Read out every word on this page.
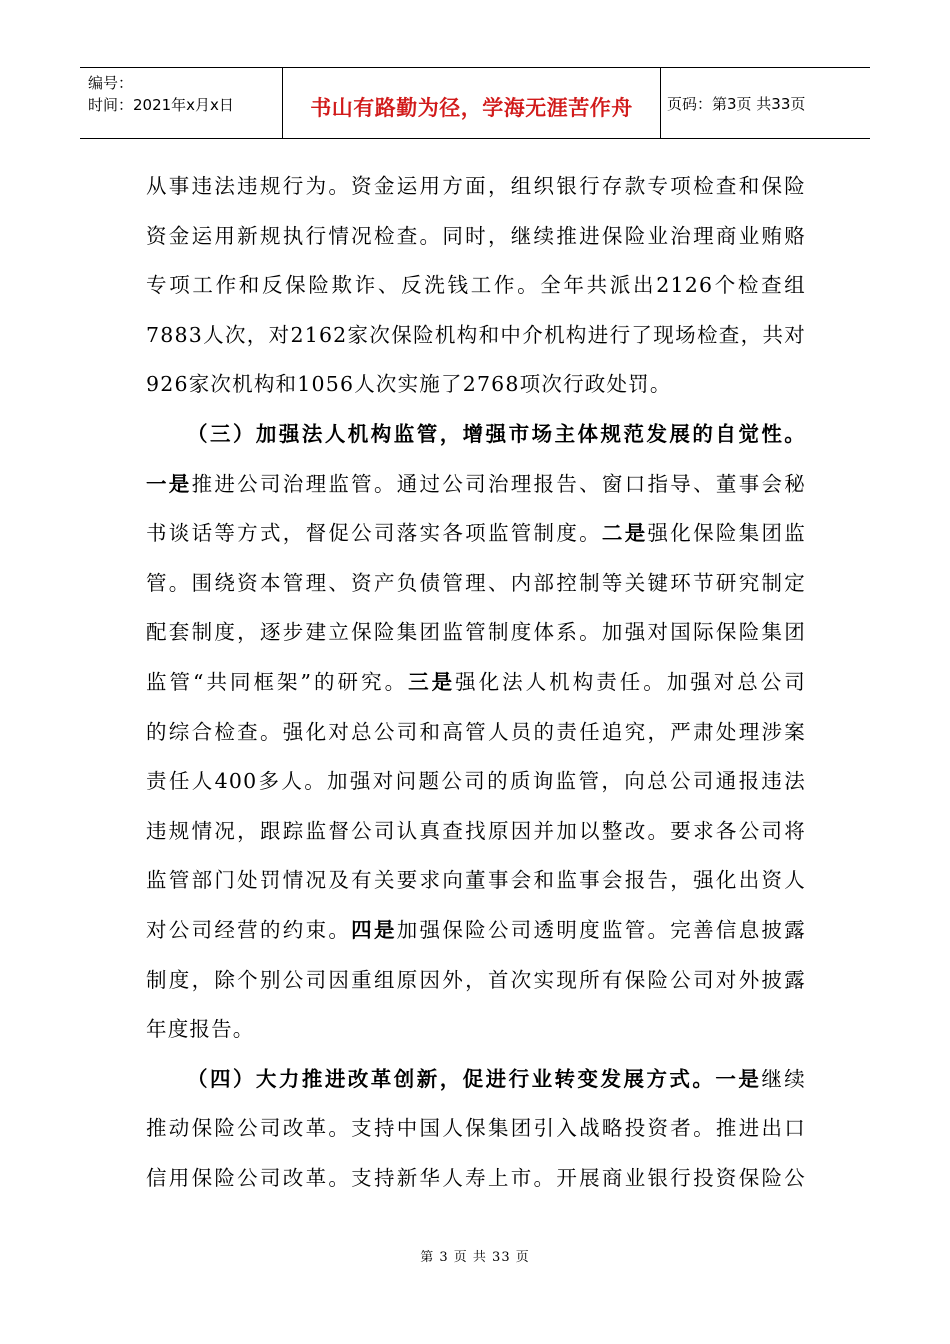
编号：
时间：2021年x月x日	书山有路勤为径，学海无涯苦作舟	页码：第3页 共33页
从事违法违规行为。资金运用方面，组织银行存款专项检查和保险
资金运用新规执行情况检查。同时，继续推进保险业治理商业贿赂
专项工作和反保险欺诈、反洗钱工作。全年共派出2126个检查组
7883人次，对2162家次保险机构和中介机构进行了现场检查，共对
926家次机构和1056人次实施了2768项次行政处罚。
（三）加强法人机构监管，增强市场主体规范发展的自觉性。
一是推进公司治理监管。通过公司治理报告、窗口指导、董事会秘
书谈话等方式，督促公司落实各项监管制度。二是强化保险集团监
管。围绕资本管理、资产负债管理、内部控制等关键环节研究制定
配套制度，逐步建立保险集团监管制度体系。加强对国际保险集团
监管“共同框架”的研究。三是强化法人机构责任。加强对总公司
的综合检查。强化对总公司和高管人员的责任追究，严肃处理涉案
责任人400多人。加强对问题公司的质询监管，向总公司通报违法
违规情况，跟踪监督公司认真查找原因并加以整改。要求各公司将
监管部门处罚情况及有关要求向董事会和监事会报告，强化出资人
对公司经营的约束。四是加强保险公司透明度监管。完善信息披露
制度，除个别公司因重组原因外，首次实现所有保险公司对外披露
年度报告。
（四）大力推进改革创新，促进行业转变发展方式。一是继续
推动保险公司改革。支持中国人保集团引入战略投资者。推进出口
信用保险公司改革。支持新华人寿上市。开展商业银行投资保险公
第 3 页 共 33 页
